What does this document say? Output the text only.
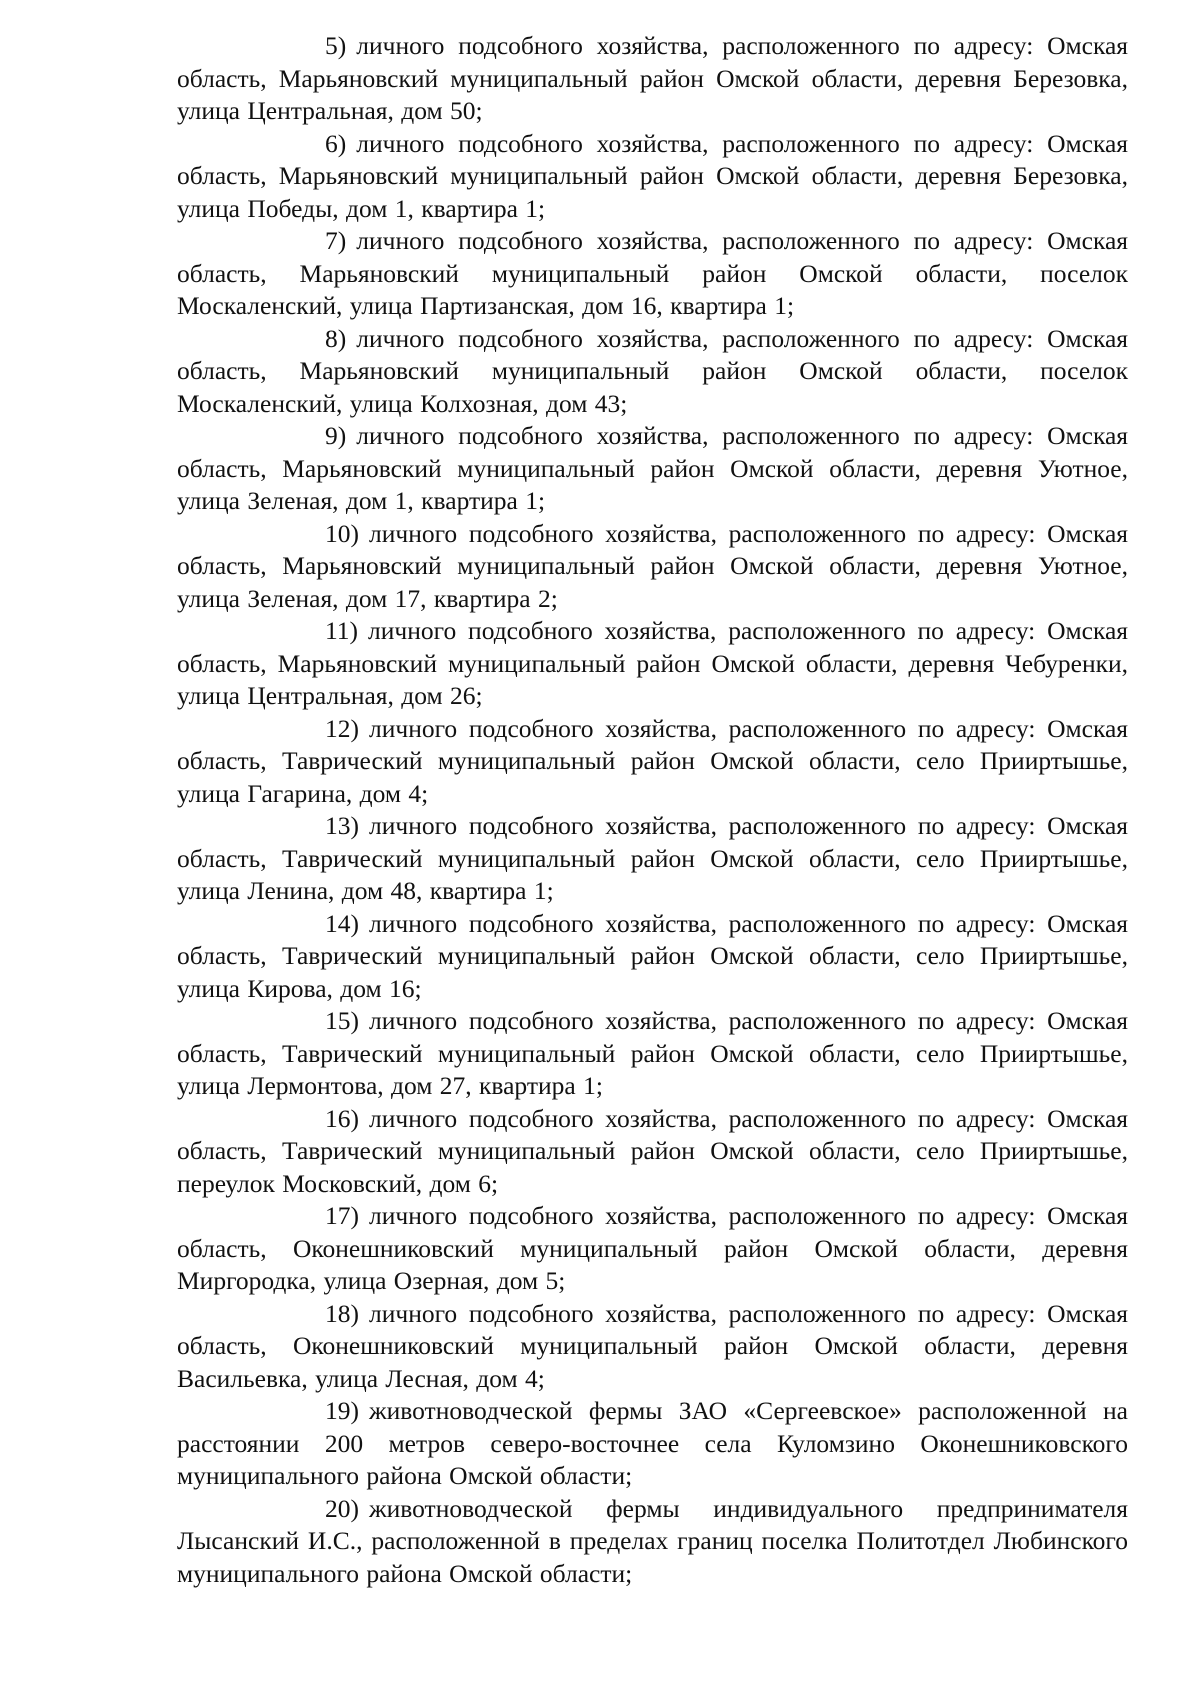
5) личного подсобного хозяйства, расположенного по адресу: Омская область, Марьяновский муниципальный район Омской области, деревня Березовка, улица Центральная, дом 50;

6) личного подсобного хозяйства, расположенного по адресу: Омская область, Марьяновский муниципальный район Омской области, деревня Березовка, улица Победы, дом 1, квартира 1;

7) личного подсобного хозяйства, расположенного по адресу: Омская область, Марьяновский муниципальный район Омской области, поселок Москаленский, улица Партизанская, дом 16, квартира 1;

8) личного подсобного хозяйства, расположенного по адресу: Омская область, Марьяновский муниципальный район Омской области, поселок Москаленский, улица Колхозная, дом 43;

9) личного подсобного хозяйства, расположенного по адресу: Омская область, Марьяновский муниципальный район Омской области, деревня Уютное, улица Зеленая, дом 1, квартира 1;

10) личного подсобного хозяйства, расположенного по адресу: Омская область, Марьяновский муниципальный район Омской области, деревня Уютное, улица Зеленая, дом 17, квартира 2;

11) личного подсобного хозяйства, расположенного по адресу: Омская область, Марьяновский муниципальный район Омской области, деревня Чебуренки, улица Центральная, дом 26;

12) личного подсобного хозяйства, расположенного по адресу: Омская область, Таврический муниципальный район Омской области, село Прииртышье, улица Гагарина, дом 4;

13) личного подсобного хозяйства, расположенного по адресу: Омская область, Таврический муниципальный район Омской области, село Прииртышье, улица Ленина, дом 48, квартира 1;

14) личного подсобного хозяйства, расположенного по адресу: Омская область, Таврический муниципальный район Омской области, село Прииртышье, улица Кирова, дом 16;

15) личного подсобного хозяйства, расположенного по адресу: Омская область, Таврический муниципальный район Омской области, село Прииртышье, улица Лермонтова, дом 27, квартира 1;

16) личного подсобного хозяйства, расположенного по адресу: Омская область, Таврический муниципальный район Омской области, село Прииртышье, переулок Московский, дом 6;

17) личного подсобного хозяйства, расположенного по адресу: Омская область, Оконешниковский муниципальный район Омской области, деревня Миргородка, улица Озерная, дом 5;

18) личного подсобного хозяйства, расположенного по адресу: Омская область, Оконешниковский муниципальный район Омской области, деревня Васильевка, улица Лесная, дом 4;

19) животноводческой фермы ЗАО «Сергеевское» расположенной на расстоянии 200 метров северо-восточнее села Куломзино Оконешниковского муниципального района Омской области;

20) животноводческой фермы индивидуального предпринимателя Лысанский И.С., расположенной в пределах границ поселка Политотдел Любинского муниципального района Омской области;
